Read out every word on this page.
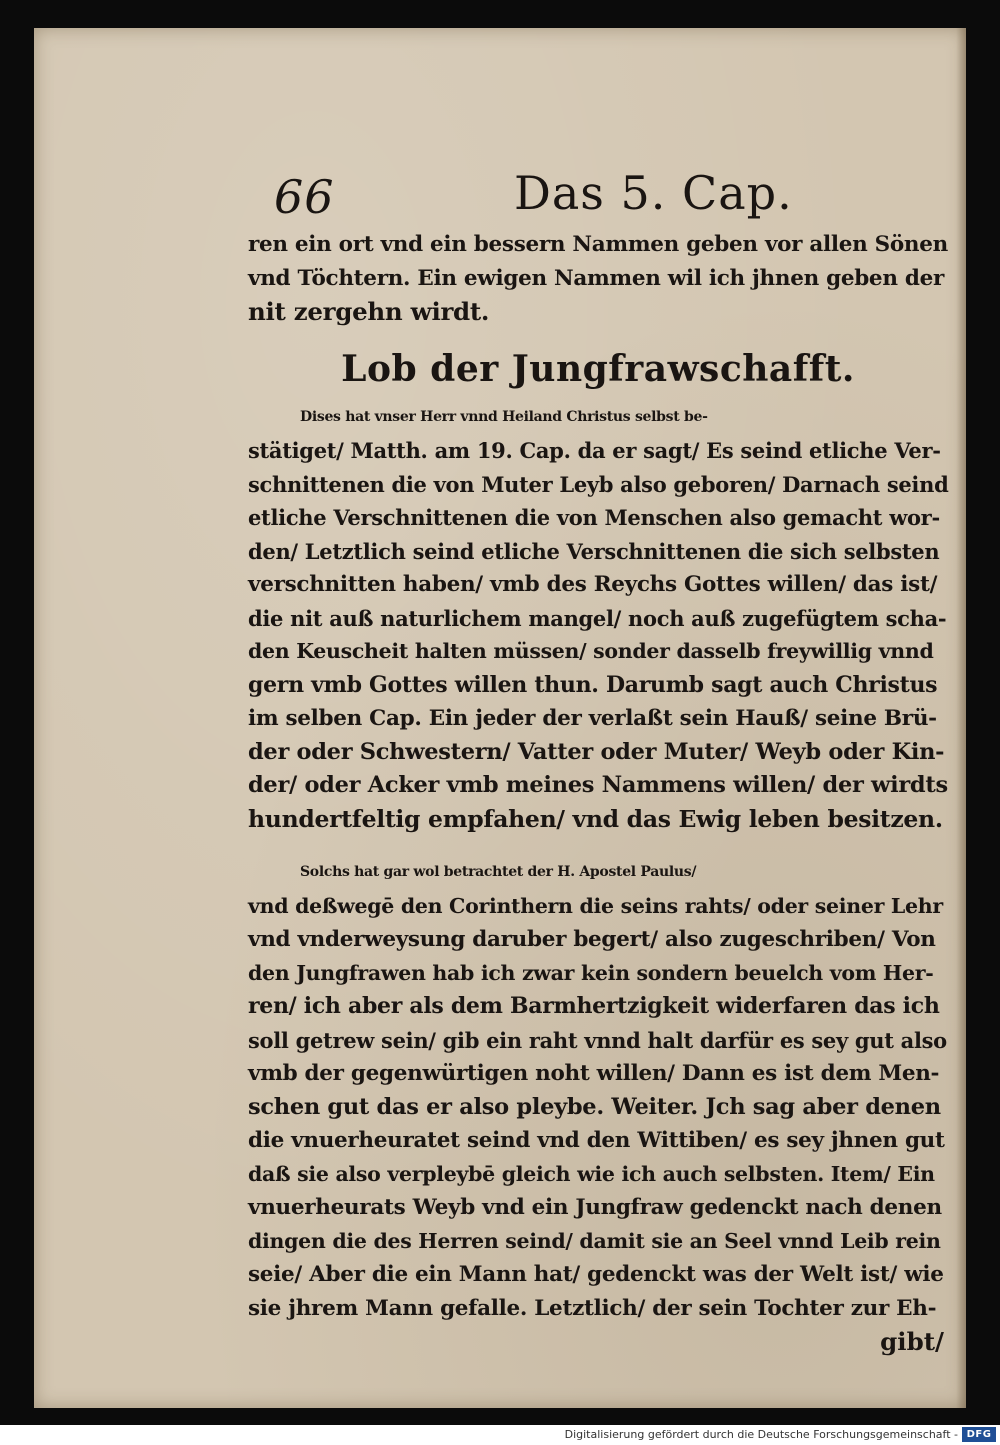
66	Das 5. Cap.
ren ein ort vnd ein bessern Nammen geben vor allen Sönen
vnd Töchtern. Ein ewigen Nammen wil ich jhnen geben der
nit zergehn wirdt.
Lob der Jungfrawschafft.
Dises hat vnser Herr vnnd Heiland Christus selbst be-
stätiget/ Matth. am 19. Cap. da er sagt/ Es seind etliche Ver-
schnittenen die von Muter Leyb also geboren/ Darnach seind
etliche Verschnittenen die von Menschen also gemacht wor-
den/ Letztlich seind etliche Verschnittenen die sich selbsten
verschnitten haben/ vmb des Reychs Gottes willen/ das ist/
die nit auß naturlichem mangel/ noch auß zugefügtem scha-
den Keuscheit halten müssen/ sonder dasselb freywillig vnnd
gern vmb Gottes willen thun. Darumb sagt auch Christus
im selben Cap. Ein jeder der verlaßt sein Hauß/ seine Brü-
der oder Schwestern/ Vatter oder Muter/ Weyb oder Kin-
der/ oder Acker vmb meines Nammens willen/ der wirdts
hundertfeltig empfahen/ vnd das Ewig leben besitzen.
Solchs hat gar wol betrachtet der H. Apostel Paulus/
vnd deßwegē den Corinthern die seins rahts/ oder seiner Lehr
vnd vnderweysung daruber begert/ also zugeschriben/ Von
den Jungfrawen hab ich zwar kein sondern beuelch vom Her-
ren/ ich aber als dem Barmhertzigkeit widerfaren das ich
soll getrew sein/ gib ein raht vnnd halt darfür es sey gut also
vmb der gegenwürtigen noht willen/ Dann es ist dem Men-
schen gut das er also pleybe. Weiter. Jch sag aber denen
die vnuerheuratet seind vnd den Wittiben/ es sey jhnen gut
daß sie also verpleybē gleich wie ich auch selbsten. Item/ Ein
vnuerheurats Weyb vnd ein Jungfraw gedenckt nach denen
dingen die des Herren seind/ damit sie an Seel vnnd Leib rein
seie/ Aber die ein Mann hat/ gedenckt was der Welt ist/ wie
sie jhrem Mann gefalle. Letztlich/ der sein Tochter zur Eh-
gibt/
Digitalisierung gefördert durch die Deutsche Forschungsgemeinschaft - DFG
